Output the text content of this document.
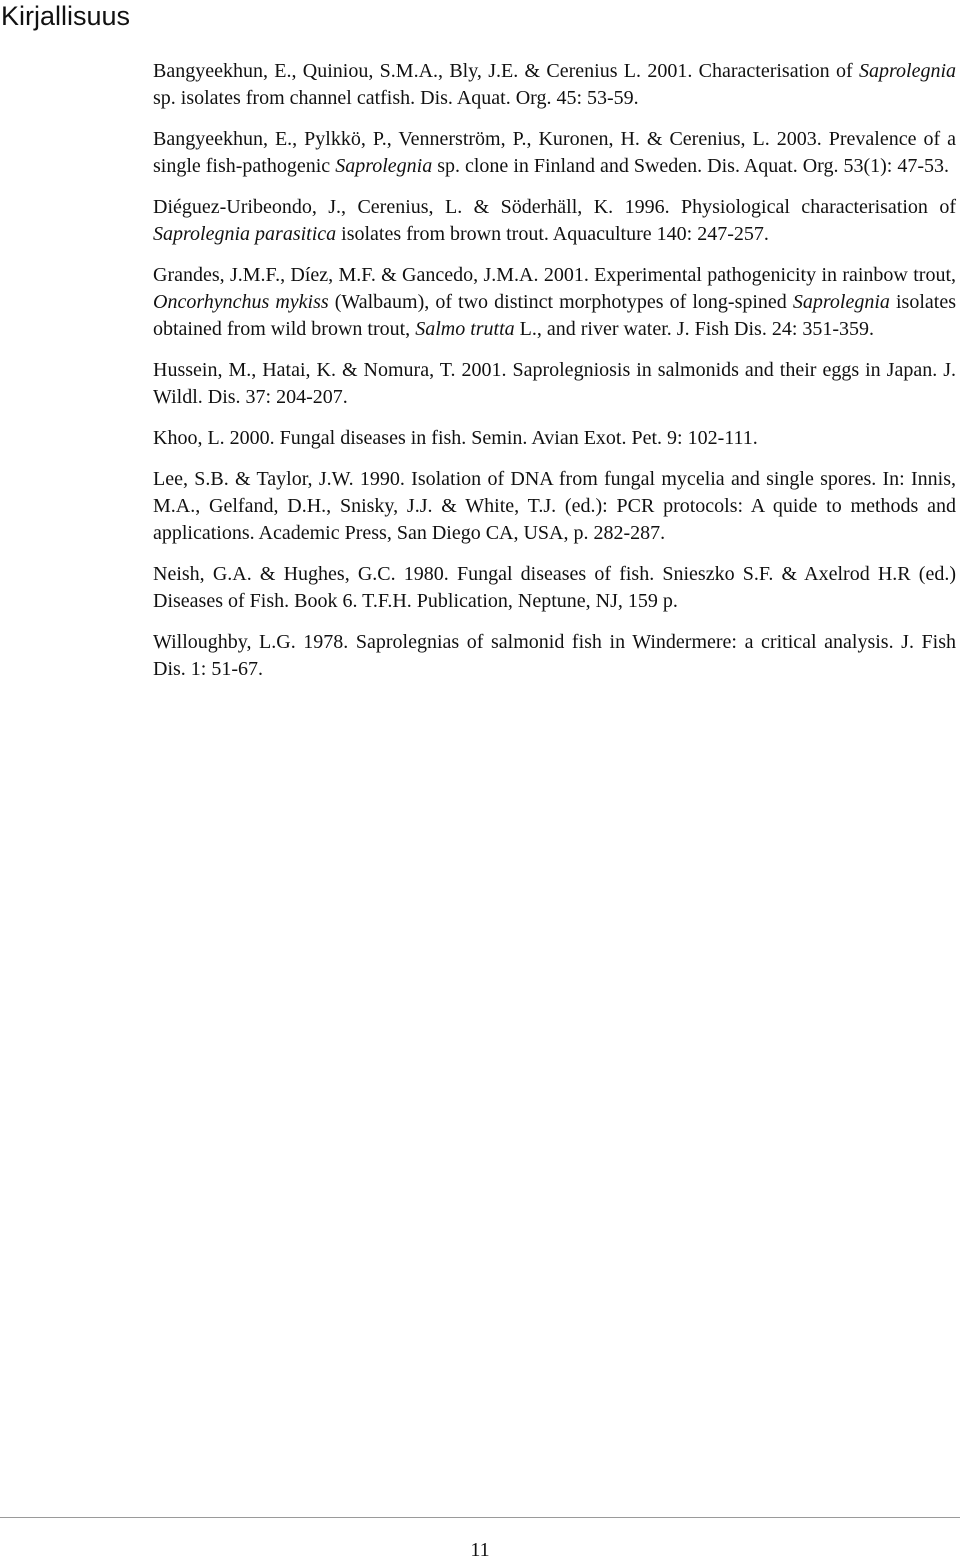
Kirjallisuus

Bangyeekhun, E., Quiniou, S.M.A., Bly, J.E. & Cerenius L. 2001. Characterisation of Saprolegnia sp. isolates from channel catfish. Dis. Aquat. Org. 45: 53-59.

Bangyeekhun, E., Pylkkö, P., Vennerström, P., Kuronen, H. & Cerenius, L. 2003. Prevalence of a single fish-pathogenic Saprolegnia sp. clone in Finland and Sweden. Dis. Aquat. Org. 53(1): 47-53.

Diéguez-Uribeondo, J., Cerenius, L. & Söderhäll, K. 1996. Physiological characterisation of Saprolegnia parasitica isolates from brown trout. Aquaculture 140: 247-257.

Grandes, J.M.F., Díez, M.F. & Gancedo, J.M.A. 2001. Experimental pathogenicity in rainbow trout, Oncorhynchus mykiss (Walbaum), of two distinct morphotypes of long-spined Saprolegnia isolates obtained from wild brown trout, Salmo trutta L., and river water. J. Fish Dis. 24: 351-359.

Hussein, M., Hatai, K. & Nomura, T. 2001. Saprolegniosis in salmonids and their eggs in Japan. J. Wildl. Dis. 37: 204-207.

Khoo, L. 2000. Fungal diseases in fish. Semin. Avian Exot. Pet. 9: 102-111.

Lee, S.B. & Taylor, J.W. 1990. Isolation of DNA from fungal mycelia and single spores. In: Innis, M.A., Gelfand, D.H., Snisky, J.J. & White, T.J. (ed.): PCR protocols: A quide to methods and applications. Academic Press, San Diego CA, USA, p. 282-287.

Neish, G.A. & Hughes, G.C. 1980. Fungal diseases of fish. Snieszko S.F. & Axelrod H.R (ed.) Diseases of Fish. Book 6. T.F.H. Publication, Neptune, NJ, 159 p.

Willoughby, L.G. 1978. Saprolegnias of salmonid fish in Windermere: a critical analysis. J. Fish Dis. 1: 51-67.

11
